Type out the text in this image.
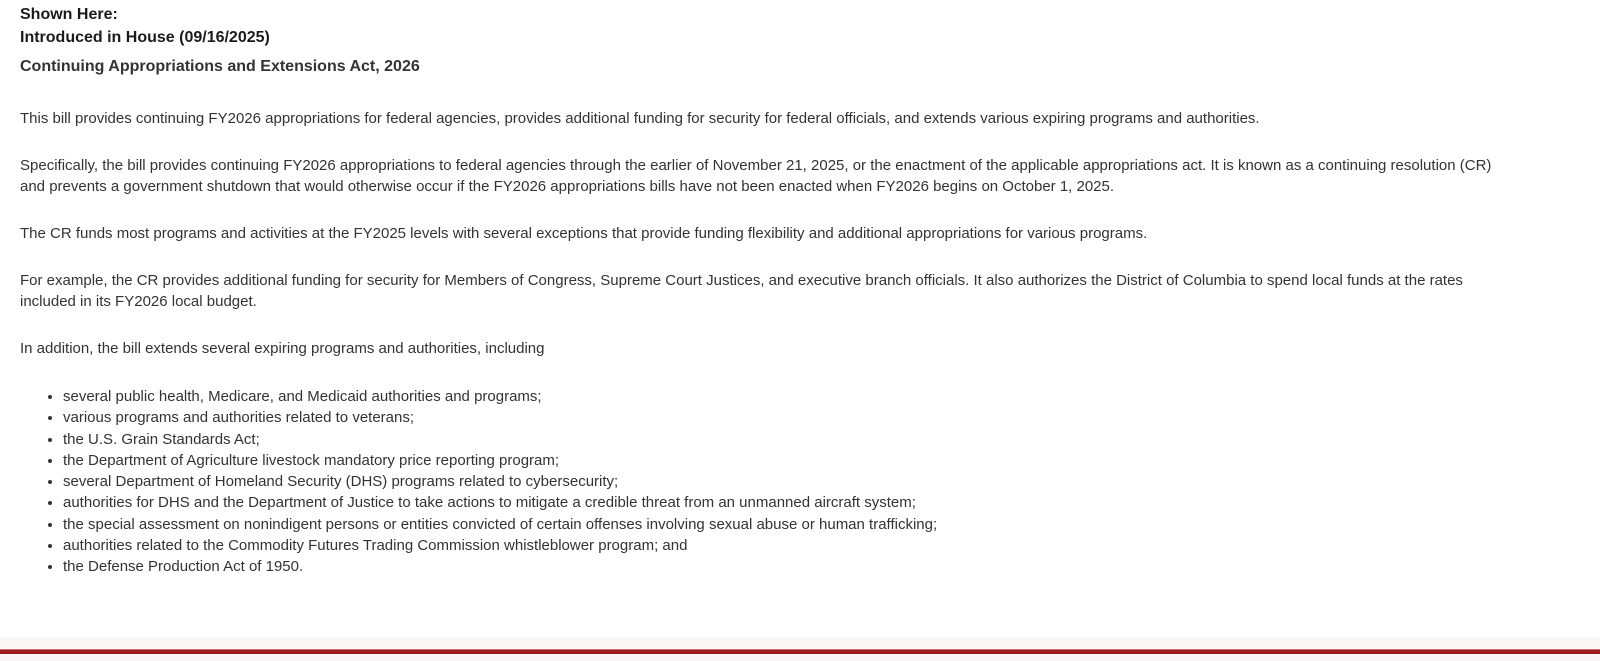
Shown Here:

Introduced in House (09/16/2025)

Continuing Appropriations and Extensions Act, 2026

This bill provides continuing FY2026 appropriations for federal agencies, provides additional funding for security for federal officials, and extends various expiring programs and authorities.

Specifically, the bill provides continuing FY2026 appropriations to federal agencies through the earlier of November 21, 2025, or the enactment of the applicable appropriations act. It is known as a continuing resolution (CR) and prevents a government shutdown that would otherwise occur if the FY2026 appropriations bills have not been enacted when FY2026 begins on October 1, 2025.

The CR funds most programs and activities at the FY2025 levels with several exceptions that provide funding flexibility and additional appropriations for various programs.

For example, the CR provides additional funding for security for Members of Congress, Supreme Court Justices, and executive branch officials. It also authorizes the District of Columbia to spend local funds at the rates included in its FY2026 local budget.

In addition, the bill extends several expiring programs and authorities, including

• several public health, Medicare, and Medicaid authorities and programs;
• various programs and authorities related to veterans;
• the U.S. Grain Standards Act;
• the Department of Agriculture livestock mandatory price reporting program;
• several Department of Homeland Security (DHS) programs related to cybersecurity;
• authorities for DHS and the Department of Justice to take actions to mitigate a credible threat from an unmanned aircraft system;
• the special assessment on nonindigent persons or entities convicted of certain offenses involving sexual abuse or human trafficking;
• authorities related to the Commodity Futures Trading Commission whistleblower program; and
• the Defense Production Act of 1950.
